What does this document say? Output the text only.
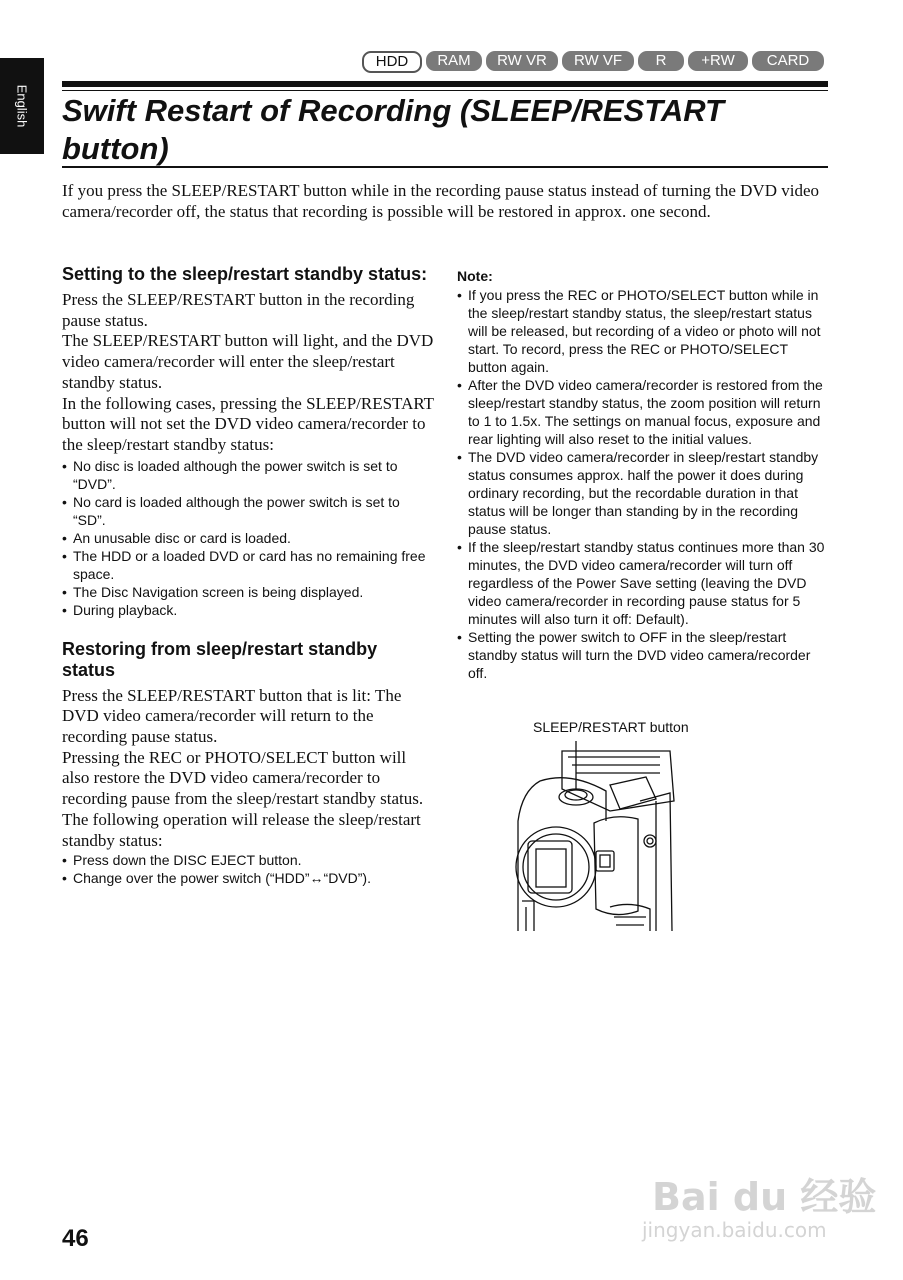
English
HDD	RAM	RW VR	RW VF	R	+RW	CARD
Swift Restart of Recording (SLEEP/RESTART button)

If you press the SLEEP/RESTART button while in the recording pause status instead of turning the DVD video camera/recorder off, the status that recording is possible will be restored in approx. one second.

Setting to the sleep/restart standby status:

Press the SLEEP/RESTART button in the recording pause status.

The SLEEP/RESTART button will light, and the DVD video camera/recorder will enter the sleep/restart standby status.

In the following cases, pressing the SLEEP/RESTART button will not set the DVD video camera/recorder to the sleep/restart standby status:

• No disc is loaded although the power switch is set to “DVD”.
• No card is loaded although the power switch is set to “SD”.
• An unusable disc or card is loaded.
• The HDD or a loaded DVD or card has no remaining free space.
• The Disc Navigation screen is being displayed.
• During playback.
Restoring from sleep/restart standby status

Press the SLEEP/RESTART button that is lit: The DVD video camera/recorder will return to the recording pause status.

Pressing the REC or PHOTO/SELECT button will also restore the DVD video camera/recorder to recording pause from the sleep/restart standby status.

The following operation will release the sleep/restart standby status:

• Press down the DISC EJECT button.
• Change over the power switch (“HDD”↔“DVD”).

Note:

• If you press the REC or PHOTO/SELECT button while in the sleep/restart standby status, the sleep/restart status will be released, but recording of a video or photo will not start. To record, press the REC or PHOTO/SELECT button again.
• After the DVD video camera/recorder is restored from the sleep/restart standby status, the zoom position will return to 1 to 1.5x. The settings on manual focus, exposure and rear lighting will also reset to the initial values.
• The DVD video camera/recorder in sleep/restart standby status consumes approx. half the power it does during ordinary recording, but the recordable duration in that status will be longer than standing by in the recording pause status.
• If the sleep/restart standby status continues more than 30 minutes, the DVD video camera/recorder will turn off regardless of the Power Save setting (leaving the DVD video camera/recorder in recording pause status for 5 minutes will also turn it off: Default).
• Setting the power switch to OFF in the sleep/restart standby status will turn the DVD video camera/recorder off.
SLEEP/RESTART button
46
Bai du 经验
jingyan.baidu.com
